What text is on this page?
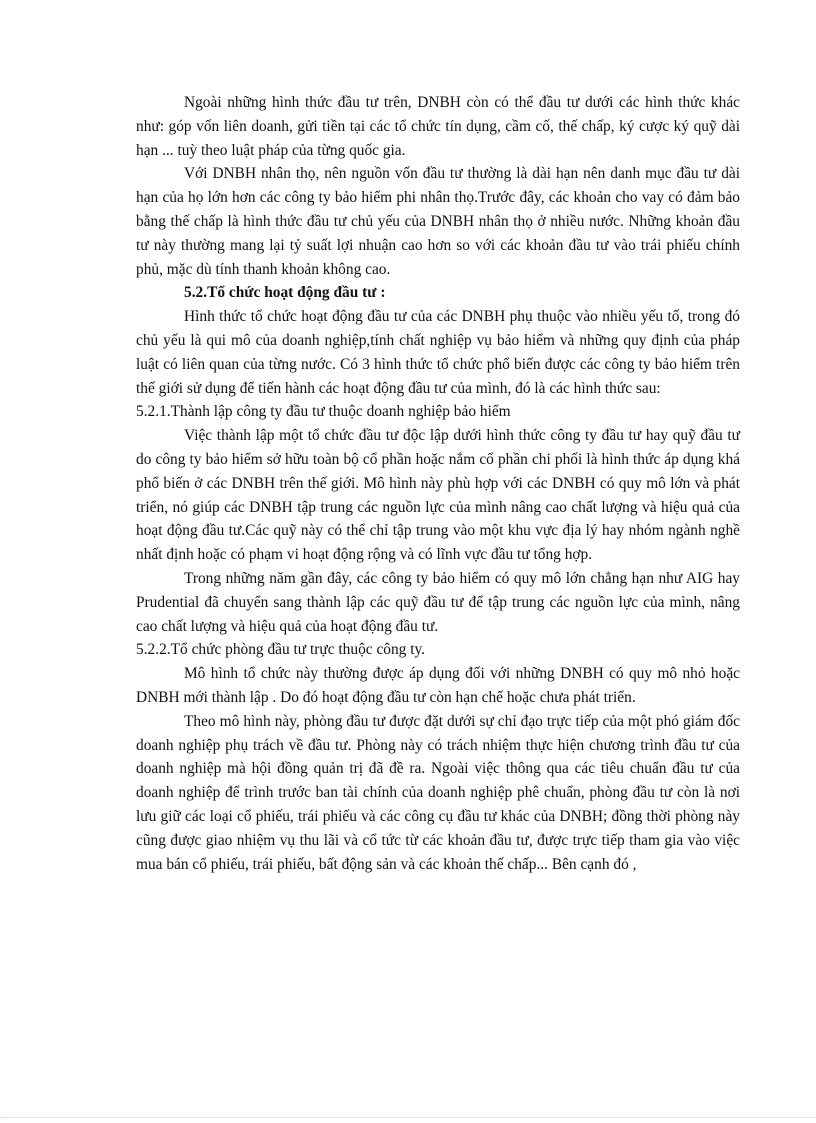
Ngoài những hình thức đầu tư trên, DNBH còn có thể đầu tư dưới các hình thức khác như: góp vốn liên doanh, gửi tiền tại các tổ chức tín dụng, cầm cố, thế chấp, ký cược ký quỹ dài hạn ... tuỳ theo luật pháp của từng quốc gia.

Với DNBH nhân thọ, nên nguồn vốn đầu tư thường là dài hạn nên danh mục đầu tư dài hạn của họ lớn hơn các công ty bảo hiểm phi nhân thọ.Trước đây, các khoản cho vay có đảm bảo bằng thế chấp là hình thức đầu tư chủ yếu của DNBH nhân thọ ở nhiều nước. Những khoản đầu tư này thường mang lại tỷ suất lợi nhuận cao hơn so với các khoản đầu tư vào trái phiếu chính phủ, mặc dù tính thanh khoản không cao.

5.2.Tổ chức hoạt động đầu tư :

Hình thức tổ chức hoạt động đầu tư của các DNBH phụ thuộc vào nhiều yếu tố, trong đó chủ yếu là qui mô của doanh nghiệp,tính chất nghiệp vụ bảo hiểm và những quy định của pháp luật có liên quan của từng nước. Có 3 hình thức tổ chức phổ biến được các công ty bảo hiểm trên thế giới sử dụng để tiến hành các hoạt động đầu tư của mình, đó là các hình thức sau:

5.2.1.Thành lập công ty đầu tư thuộc doanh nghiệp bảo hiểm

Việc thành lập một tổ chức đầu tư độc lập dưới hình thức công ty đầu tư hay quỹ đầu tư do công ty bảo hiểm sở hữu toàn bộ cổ phần hoặc nắm cổ phần chi phối là hình thức áp dụng khá phổ biến ở các DNBH trên thế giới. Mô hình này phù hợp với các DNBH có quy mô lớn và phát triển, nó giúp các DNBH tập trung các nguồn lực của mình nâng cao chất lượng và hiệu quả của hoạt động đầu tư.Các quỹ này có thể chỉ tập trung vào một khu vực địa lý hay nhóm ngành nghề nhất định hoặc có phạm vi hoạt động rộng và có lĩnh vực đầu tư tổng hợp.

Trong những năm gần đây, các công ty bảo hiểm có quy mô lớn chẳng hạn như AIG hay Prudential đã chuyển sang thành lập các quỹ đầu tư để tập trung các nguồn lực của mình, nâng cao chất lượng và hiệu quả của hoạt động đầu tư.

5.2.2.Tổ chức phòng đầu tư trực thuộc công ty.

Mô hình tổ chức này thường được áp dụng đối với những DNBH có quy mô nhỏ hoặc DNBH mới thành lập . Do đó hoạt động đầu tư còn hạn chế hoặc chưa phát triển.

Theo mô hình này, phòng đầu tư được đặt dưới sự chỉ đạo trực tiếp của một phó giám đốc doanh nghiệp phụ trách về đầu tư. Phòng này có trách nhiệm thực hiện chương trình đầu tư của doanh nghiệp mà hội đồng quản trị đã đề ra. Ngoài việc thông qua các tiêu chuẩn đầu tư của doanh nghiệp để trình trước ban tài chính của doanh nghiệp phê chuẩn, phòng đầu tư còn là nơi lưu giữ các loại cổ phiếu, trái phiếu và các công cụ đầu tư khác của DNBH; đồng thời phòng này cũng được giao nhiệm vụ thu lãi và cổ tức từ các khoản đầu tư, được trực tiếp tham gia vào việc mua bán cổ phiếu, trái phiếu, bất động sản và các khoản thế chấp... Bên cạnh đó ,
